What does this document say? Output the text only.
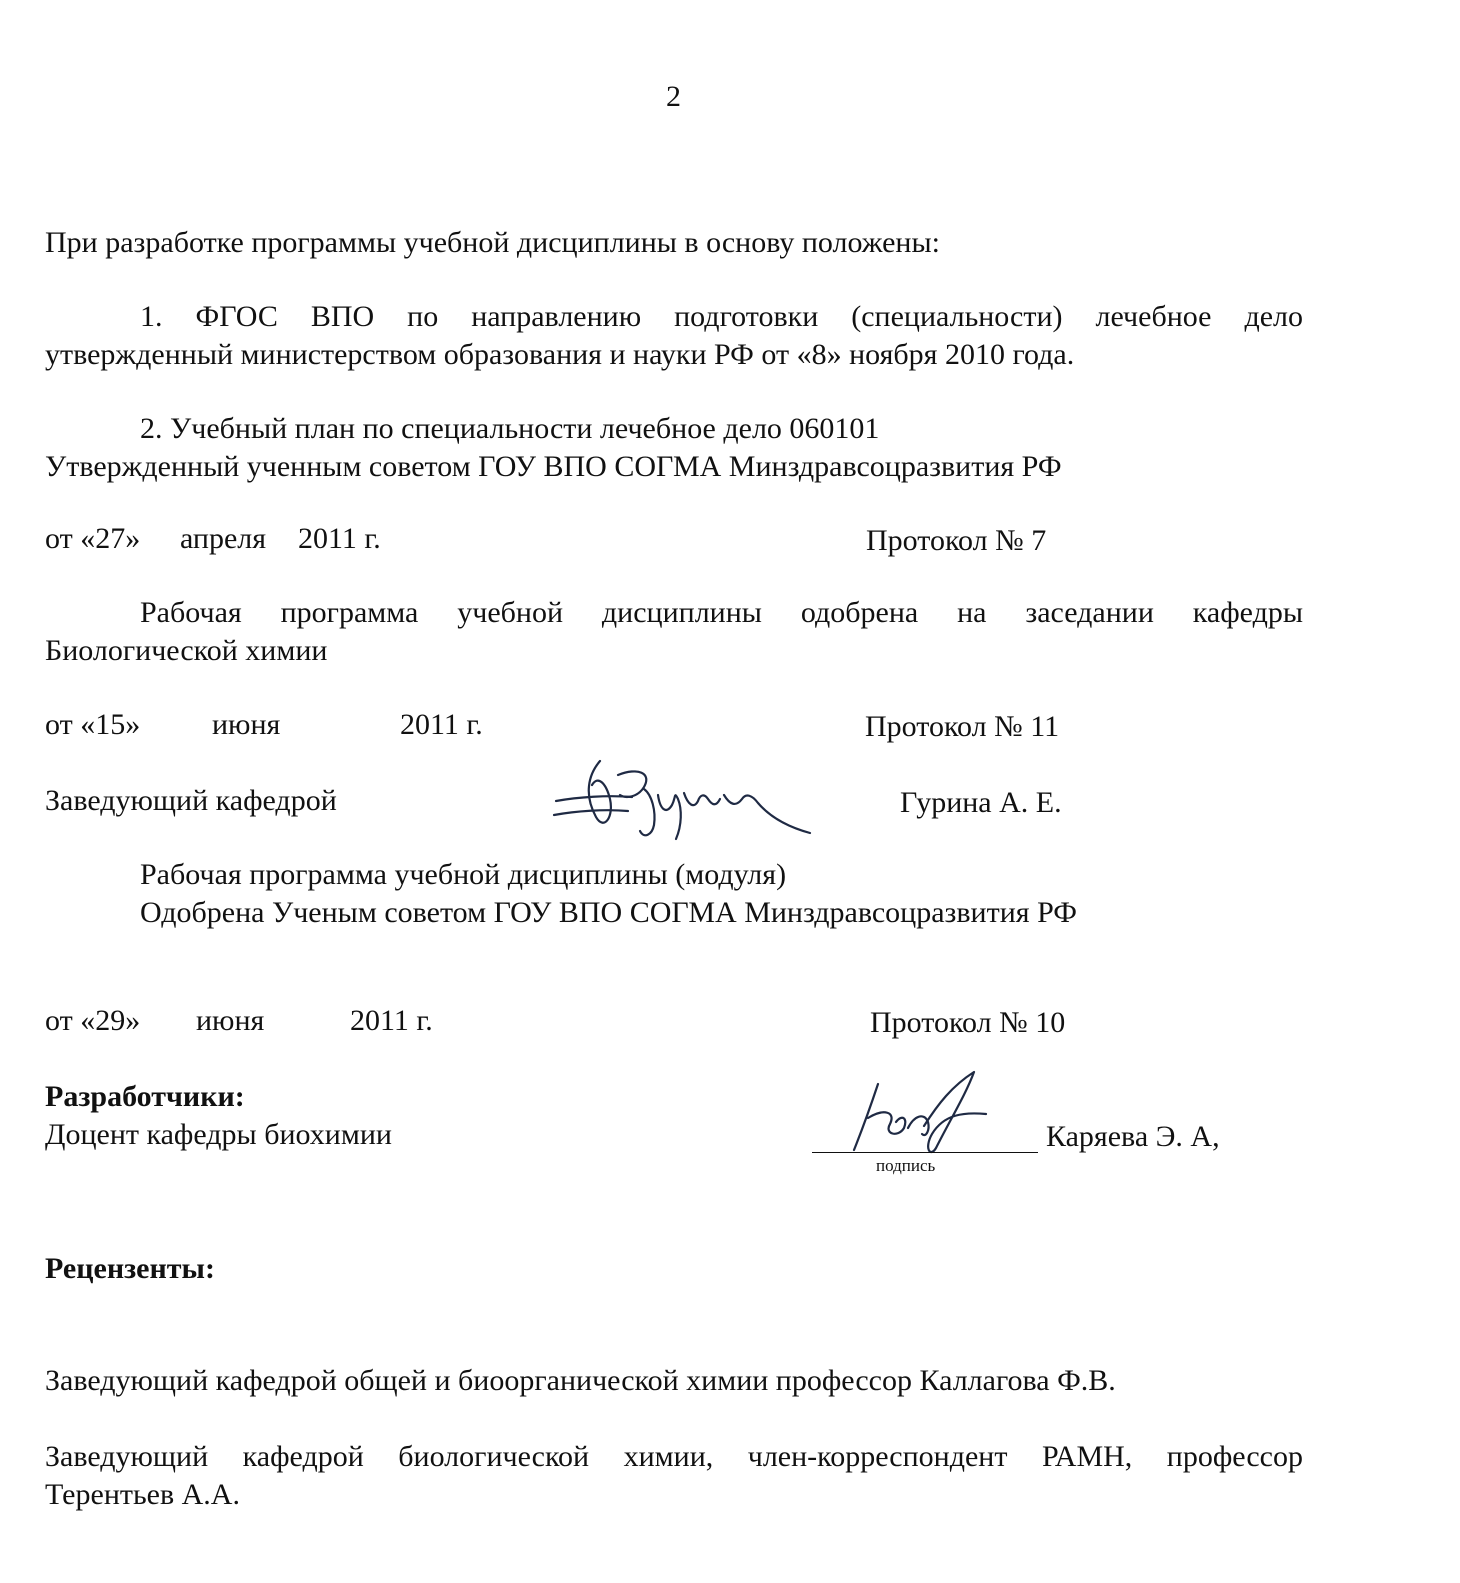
2
При разработке программы учебной дисциплины в основу положены:
1. ФГОС ВПО по направлению подготовки (специальности) лечебное дело
утвержденный министерством образования и науки РФ от «8» ноября 2010 года.
2. Учебный план по специальности лечебное дело 060101
Утвержденный ученным советом ГОУ ВПО СОГМА Минздравсоцразвития РФ
от «27» апреля 2011 г.	Протокол № 7
Рабочая программа учебной дисциплины одобрена на заседании кафедры
Биологической химии
от «15» июня	2011 г.	Протокол № 11
Заведующий кафедрой	Гурина А. Е.
Рабочая программа учебной дисциплины (модуля)
Одобрена Ученым советом ГОУ ВПО СОГМА Минздравсоцразвития РФ
от «29» июня	2011 г.	Протокол № 10
Разработчики:
Доцент кафедры биохимии
подпись
Каряева Э. А,
Рецензенты:
Заведующий кафедрой общей и биоорганической химии профессор Каллагова Ф.В.
Заведующий кафедрой биологической химии, член-корреспондент РАМН, профессор
Терентьев А.А.
